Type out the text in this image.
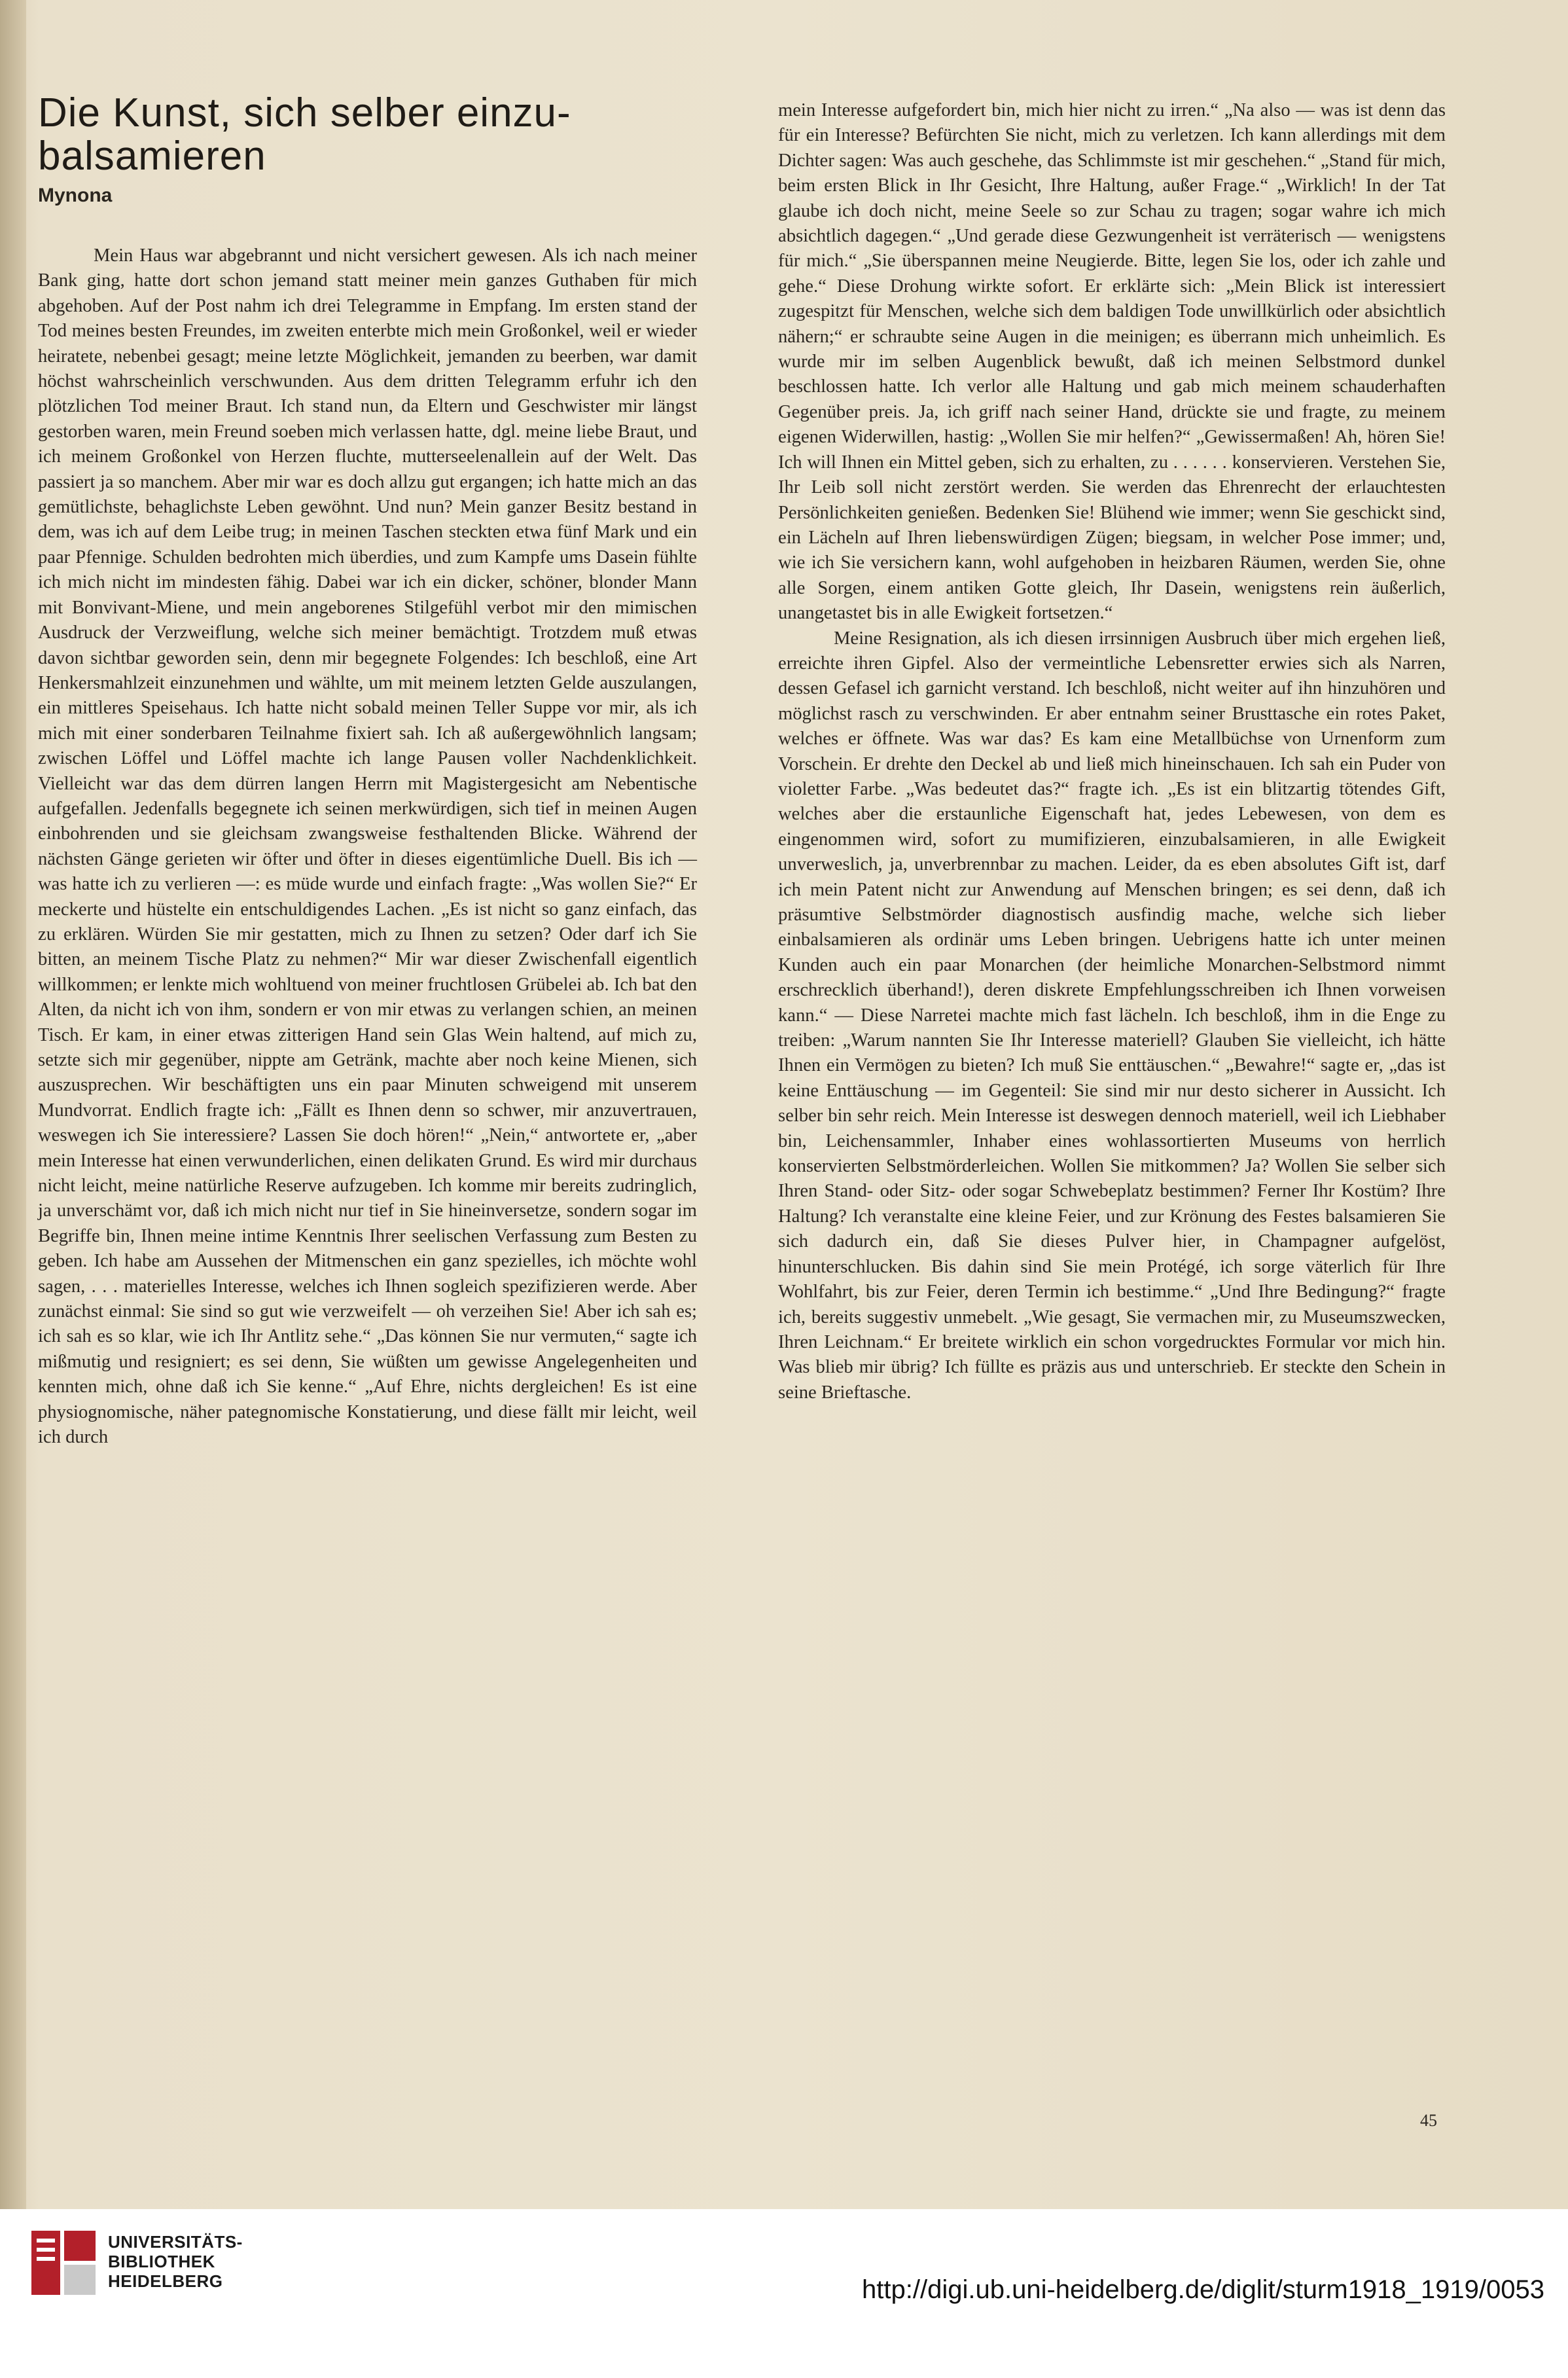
Die Kunst, sich selber einzu-
balsamieren
Mynona

Mein Haus war abgebrannt und nicht versichert gewesen. Als ich nach meiner Bank ging, hatte dort schon jemand statt meiner mein ganzes Guthaben für mich abgehoben. Auf der Post nahm ich drei Telegramme in Empfang. Im ersten stand der Tod meines besten Freundes, im zweiten enterbte mich mein Großonkel, weil er wieder heiratete, nebenbei gesagt; meine letzte Möglichkeit, jemanden zu beerben, war damit höchst wahrscheinlich verschwunden. Aus dem dritten Telegramm erfuhr ich den plötzlichen Tod meiner Braut. Ich stand nun, da Eltern und Geschwister mir längst gestorben waren, mein Freund soeben mich verlassen hatte, dgl. meine liebe Braut, und ich meinem Großonkel von Herzen fluchte, mutterseelenallein auf der Welt. Das passiert ja so manchem. Aber mir war es doch allzu gut ergangen; ich hatte mich an das gemütlichste, behaglichste Leben gewöhnt. Und nun? Mein ganzer Besitz bestand in dem, was ich auf dem Leibe trug; in meinen Taschen steckten etwa fünf Mark und ein paar Pfennige. Schulden bedrohten mich überdies, und zum Kampfe ums Dasein fühlte ich mich nicht im mindesten fähig. Dabei war ich ein dicker, schöner, blonder Mann mit Bonvivant-Miene, und mein angeborenes Stilgefühl verbot mir den mimischen Ausdruck der Verzweiflung, welche sich meiner bemächtigt. Trotzdem muß etwas davon sichtbar geworden sein, denn mir begegnete Folgendes: Ich beschloß, eine Art Henkersmahlzeit einzunehmen und wählte, um mit meinem letzten Gelde auszulangen, ein mittleres Speisehaus. Ich hatte nicht sobald meinen Teller Suppe vor mir, als ich mich mit einer sonderbaren Teilnahme fixiert sah. Ich aß außergewöhnlich langsam; zwischen Löffel und Löffel machte ich lange Pausen voller Nachdenklichkeit. Vielleicht war das dem dürren langen Herrn mit Magistergesicht am Nebentische aufgefallen. Jedenfalls begegnete ich seinen merkwürdigen, sich tief in meinen Augen einbohrenden und sie gleichsam zwangsweise festhaltenden Blicke. Während der nächsten Gänge gerieten wir öfter und öfter in dieses eigentümliche Duell. Bis ich — was hatte ich zu verlieren —: es müde wurde und einfach fragte: „Was wollen Sie?“ Er meckerte und hüstelte ein entschuldigendes Lachen. „Es ist nicht so ganz einfach, das zu erklären. Würden Sie mir gestatten, mich zu Ihnen zu setzen? Oder darf ich Sie bitten, an meinem Tische Platz zu nehmen?“ Mir war dieser Zwischenfall eigentlich willkommen; er lenkte mich wohltuend von meiner fruchtlosen Grübelei ab. Ich bat den Alten, da nicht ich von ihm, sondern er von mir etwas zu verlangen schien, an meinen Tisch. Er kam, in einer etwas zitterigen Hand sein Glas Wein haltend, auf mich zu, setzte sich mir gegenüber, nippte am Getränk, machte aber noch keine Mienen, sich auszusprechen. Wir beschäftigten uns ein paar Minuten schweigend mit unserem Mundvorrat. Endlich fragte ich: „Fällt es Ihnen denn so schwer, mir anzuvertrauen, weswegen ich Sie interessiere? Lassen Sie doch hören!“ „Nein,“ antwortete er, „aber mein Interesse hat einen verwunderlichen, einen delikaten Grund. Es wird mir durchaus nicht leicht, meine natürliche Reserve aufzugeben. Ich komme mir bereits zudringlich, ja unverschämt vor, daß ich mich nicht nur tief in Sie hineinversetze, sondern sogar im Begriffe bin, Ihnen meine intime Kenntnis Ihrer seelischen Verfassung zum Besten zu geben. Ich habe am Aussehen der Mitmenschen ein ganz spezielles, ich möchte wohl sagen, . . . materielles Interesse, welches ich Ihnen sogleich spezifizieren werde. Aber zunächst einmal: Sie sind so gut wie verzweifelt — oh verzeihen Sie! Aber ich sah es; ich sah es so klar, wie ich Ihr Antlitz sehe.“ „Das können Sie nur vermuten,“ sagte ich mißmutig und resigniert; es sei denn, Sie wüßten um gewisse Angelegenheiten und kennten mich, ohne daß ich Sie kenne.“ „Auf Ehre, nichts dergleichen! Es ist eine physiognomische, näher pategnomische Konstatierung, und diese fällt mir leicht, weil ich durch

mein Interesse aufgefordert bin, mich hier nicht zu irren.“ „Na also — was ist denn das für ein Interesse? Befürchten Sie nicht, mich zu verletzen. Ich kann allerdings mit dem Dichter sagen: Was auch geschehe, das Schlimmste ist mir geschehen.“ „Stand für mich, beim ersten Blick in Ihr Gesicht, Ihre Haltung, außer Frage.“ „Wirklich! In der Tat glaube ich doch nicht, meine Seele so zur Schau zu tragen; sogar wahre ich mich absichtlich dagegen.“ „Und gerade diese Gezwungenheit ist verräterisch — wenigstens für mich.“ „Sie überspannen meine Neugierde. Bitte, legen Sie los, oder ich zahle und gehe.“ Diese Drohung wirkte sofort. Er erklärte sich: „Mein Blick ist interessiert zugespitzt für Menschen, welche sich dem baldigen Tode unwillkürlich oder absichtlich nähern;“ er schraubte seine Augen in die meinigen; es überrann mich unheimlich. Es wurde mir im selben Augenblick bewußt, daß ich meinen Selbstmord dunkel beschlossen hatte. Ich verlor alle Haltung und gab mich meinem schauderhaften Gegenüber preis. Ja, ich griff nach seiner Hand, drückte sie und fragte, zu meinem eigenen Widerwillen, hastig: „Wollen Sie mir helfen?“ „Gewissermaßen! Ah, hören Sie! Ich will Ihnen ein Mittel geben, sich zu erhalten, zu . . . . . . konservieren. Verstehen Sie, Ihr Leib soll nicht zerstört werden. Sie werden das Ehrenrecht der erlauchtesten Persönlichkeiten genießen. Bedenken Sie! Blühend wie immer; wenn Sie geschickt sind, ein Lächeln auf Ihren liebenswürdigen Zügen; biegsam, in welcher Pose immer; und, wie ich Sie versichern kann, wohl aufgehoben in heizbaren Räumen, werden Sie, ohne alle Sorgen, einem antiken Gotte gleich, Ihr Dasein, wenigstens rein äußerlich, unangetastet bis in alle Ewigkeit fortsetzen.“

Meine Resignation, als ich diesen irrsinnigen Ausbruch über mich ergehen ließ, erreichte ihren Gipfel. Also der vermeintliche Lebensretter erwies sich als Narren, dessen Gefasel ich garnicht verstand. Ich beschloß, nicht weiter auf ihn hinzuhören und möglichst rasch zu verschwinden. Er aber entnahm seiner Brusttasche ein rotes Paket, welches er öffnete. Was war das? Es kam eine Metallbüchse von Urnenform zum Vorschein. Er drehte den Deckel ab und ließ mich hineinschauen. Ich sah ein Puder von violetter Farbe. „Was bedeutet das?“ fragte ich. „Es ist ein blitzartig tötendes Gift, welches aber die erstaunliche Eigenschaft hat, jedes Lebewesen, von dem es eingenommen wird, sofort zu mumifizieren, einzubalsamieren, in alle Ewigkeit unverweslich, ja, unverbrennbar zu machen. Leider, da es eben absolutes Gift ist, darf ich mein Patent nicht zur Anwendung auf Menschen bringen; es sei denn, daß ich präsumtive Selbstmörder diagnostisch ausfindig mache, welche sich lieber einbalsamieren als ordinär ums Leben bringen. Uebrigens hatte ich unter meinen Kunden auch ein paar Monarchen (der heimliche Monarchen-Selbstmord nimmt erschrecklich überhand!), deren diskrete Empfehlungsschreiben ich Ihnen vorweisen kann.“ — Diese Narretei machte mich fast lächeln. Ich beschloß, ihm in die Enge zu treiben: „Warum nannten Sie Ihr Interesse materiell? Glauben Sie vielleicht, ich hätte Ihnen ein Vermögen zu bieten? Ich muß Sie enttäuschen.“ „Bewahre!“ sagte er, „das ist keine Enttäuschung — im Gegenteil: Sie sind mir nur desto sicherer in Aussicht. Ich selber bin sehr reich. Mein Interesse ist deswegen dennoch materiell, weil ich Liebhaber bin, Leichensammler, Inhaber eines wohlassortierten Museums von herrlich konservierten Selbstmörderleichen. Wollen Sie mitkommen? Ja? Wollen Sie selber sich Ihren Stand- oder Sitz- oder sogar Schwebeplatz bestimmen? Ferner Ihr Kostüm? Ihre Haltung? Ich veranstalte eine kleine Feier, und zur Krönung des Festes balsamieren Sie sich dadurch ein, daß Sie dieses Pulver hier, in Champagner aufgelöst, hinunterschlucken. Bis dahin sind Sie mein Protégé, ich sorge väterlich für Ihre Wohlfahrt, bis zur Feier, deren Termin ich bestimme.“ „Und Ihre Bedingung?“ fragte ich, bereits suggestiv unmebelt. „Wie gesagt, Sie vermachen mir, zu Museumszwecken, Ihren Leichnam.“ Er breitete wirklich ein schon vorgedrucktes Formular vor mich hin. Was blieb mir übrig? Ich füllte es präzis aus und unterschrieb. Er steckte den Schein in seine Brieftasche.

45
UNIVERSITÄTS-
BIBLIOTHEK
HEIDELBERG	http://digi.ub.uni-heidelberg.de/diglit/sturm1918_1919/0053
